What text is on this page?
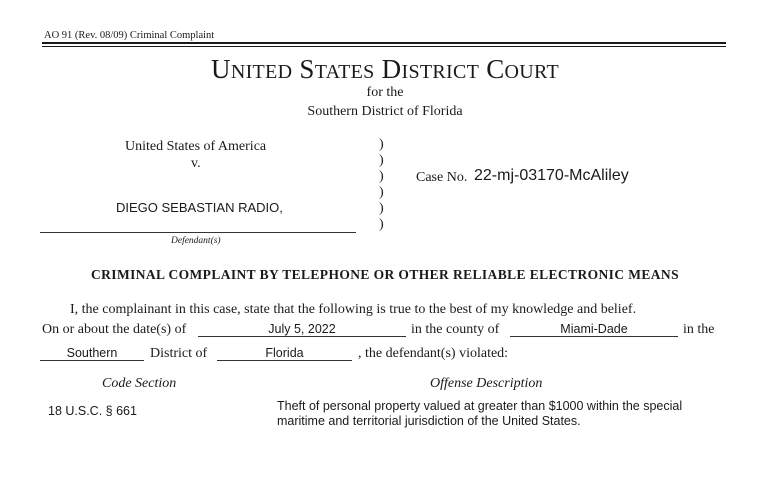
AO 91 (Rev. 08/09) Criminal Complaint
UNITED STATES DISTRICT COURT
for the
Southern District of Florida
United States of America
v.
DIEGO SEBASTIAN RADIO,
Defendant(s)
)
)
)
)
)
)
Case No. 22-mj-03170-McAliley
CRIMINAL COMPLAINT BY TELEPHONE OR OTHER RELIABLE ELECTRONIC MEANS
I, the complainant in this case, state that the following is true to the best of my knowledge and belief.
On or about the date(s) of	July 5, 2022	in the county of	Miami-Dade	in the
Southern	District of	Florida	, the defendant(s) violated:
Code Section	Offense Description
18 U.S.C. § 661	Theft of personal property valued at greater than $1000 within the special
maritime and territorial jurisdiction of the United States.
